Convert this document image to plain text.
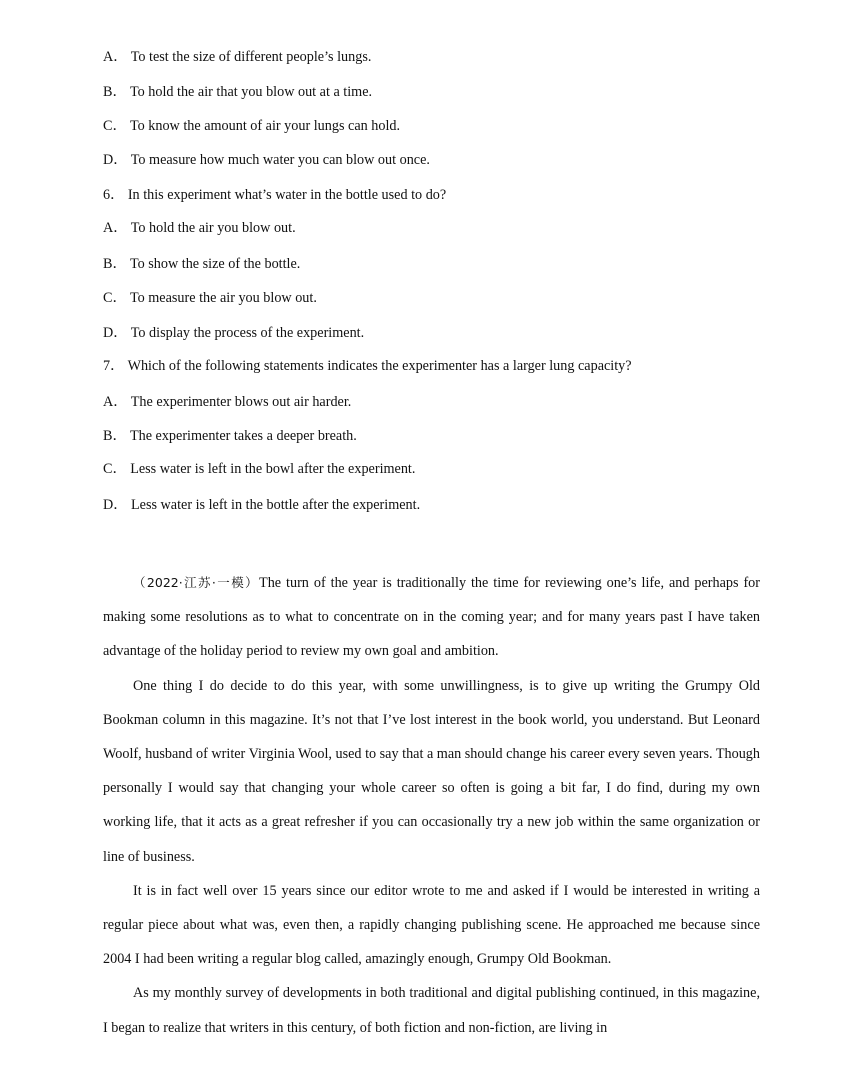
A． To test the size of different people’s lungs.
B． To hold the air that you blow out at a time.
C． To know the amount of air your lungs can hold.
D． To measure how much water you can blow out once.
6． In this experiment what’s water in the bottle used to do?
A． To hold the air you blow out.
B． To show the size of the bottle.
C． To measure the air you blow out.
D． To display the process of the experiment.
7． Which of the following statements indicates the experimenter has a larger lung capacity?
A． The experimenter blows out air harder.
B． The experimenter takes a deeper breath.
C． Less water is left in the bowl after the experiment.
D． Less water is left in the bottle after the experiment.

（2022·江苏·一模）The turn of the year is traditionally the time for reviewing one’s life, and perhaps for making some resolutions as to what to concentrate on in the coming year; and for many years past I have taken advantage of the holiday period to review my own goal and ambition.

One thing I do decide to do this year, with some unwillingness, is to give up writing the Grumpy Old Bookman column in this magazine. It’s not that I’ve lost interest in the book world, you understand. But Leonard Woolf, husband of writer Virginia Wool, used to say that a man should change his career every seven years. Though personally I would say that changing your whole career so often is going a bit far, I do find, during my own working life, that it acts as a great refresher if you can occasionally try a new job within the same organization or line of business.

It is in fact well over 15 years since our editor wrote to me and asked if I would be interested in writing a regular piece about what was, even then, a rapidly changing publishing scene. He approached me because since 2004 I had been writing a regular blog called, amazingly enough, Grumpy Old Bookman.

As my monthly survey of developments in both traditional and digital publishing continued, in this magazine, I began to realize that writers in this century, of both fiction and non-fiction, are living in
